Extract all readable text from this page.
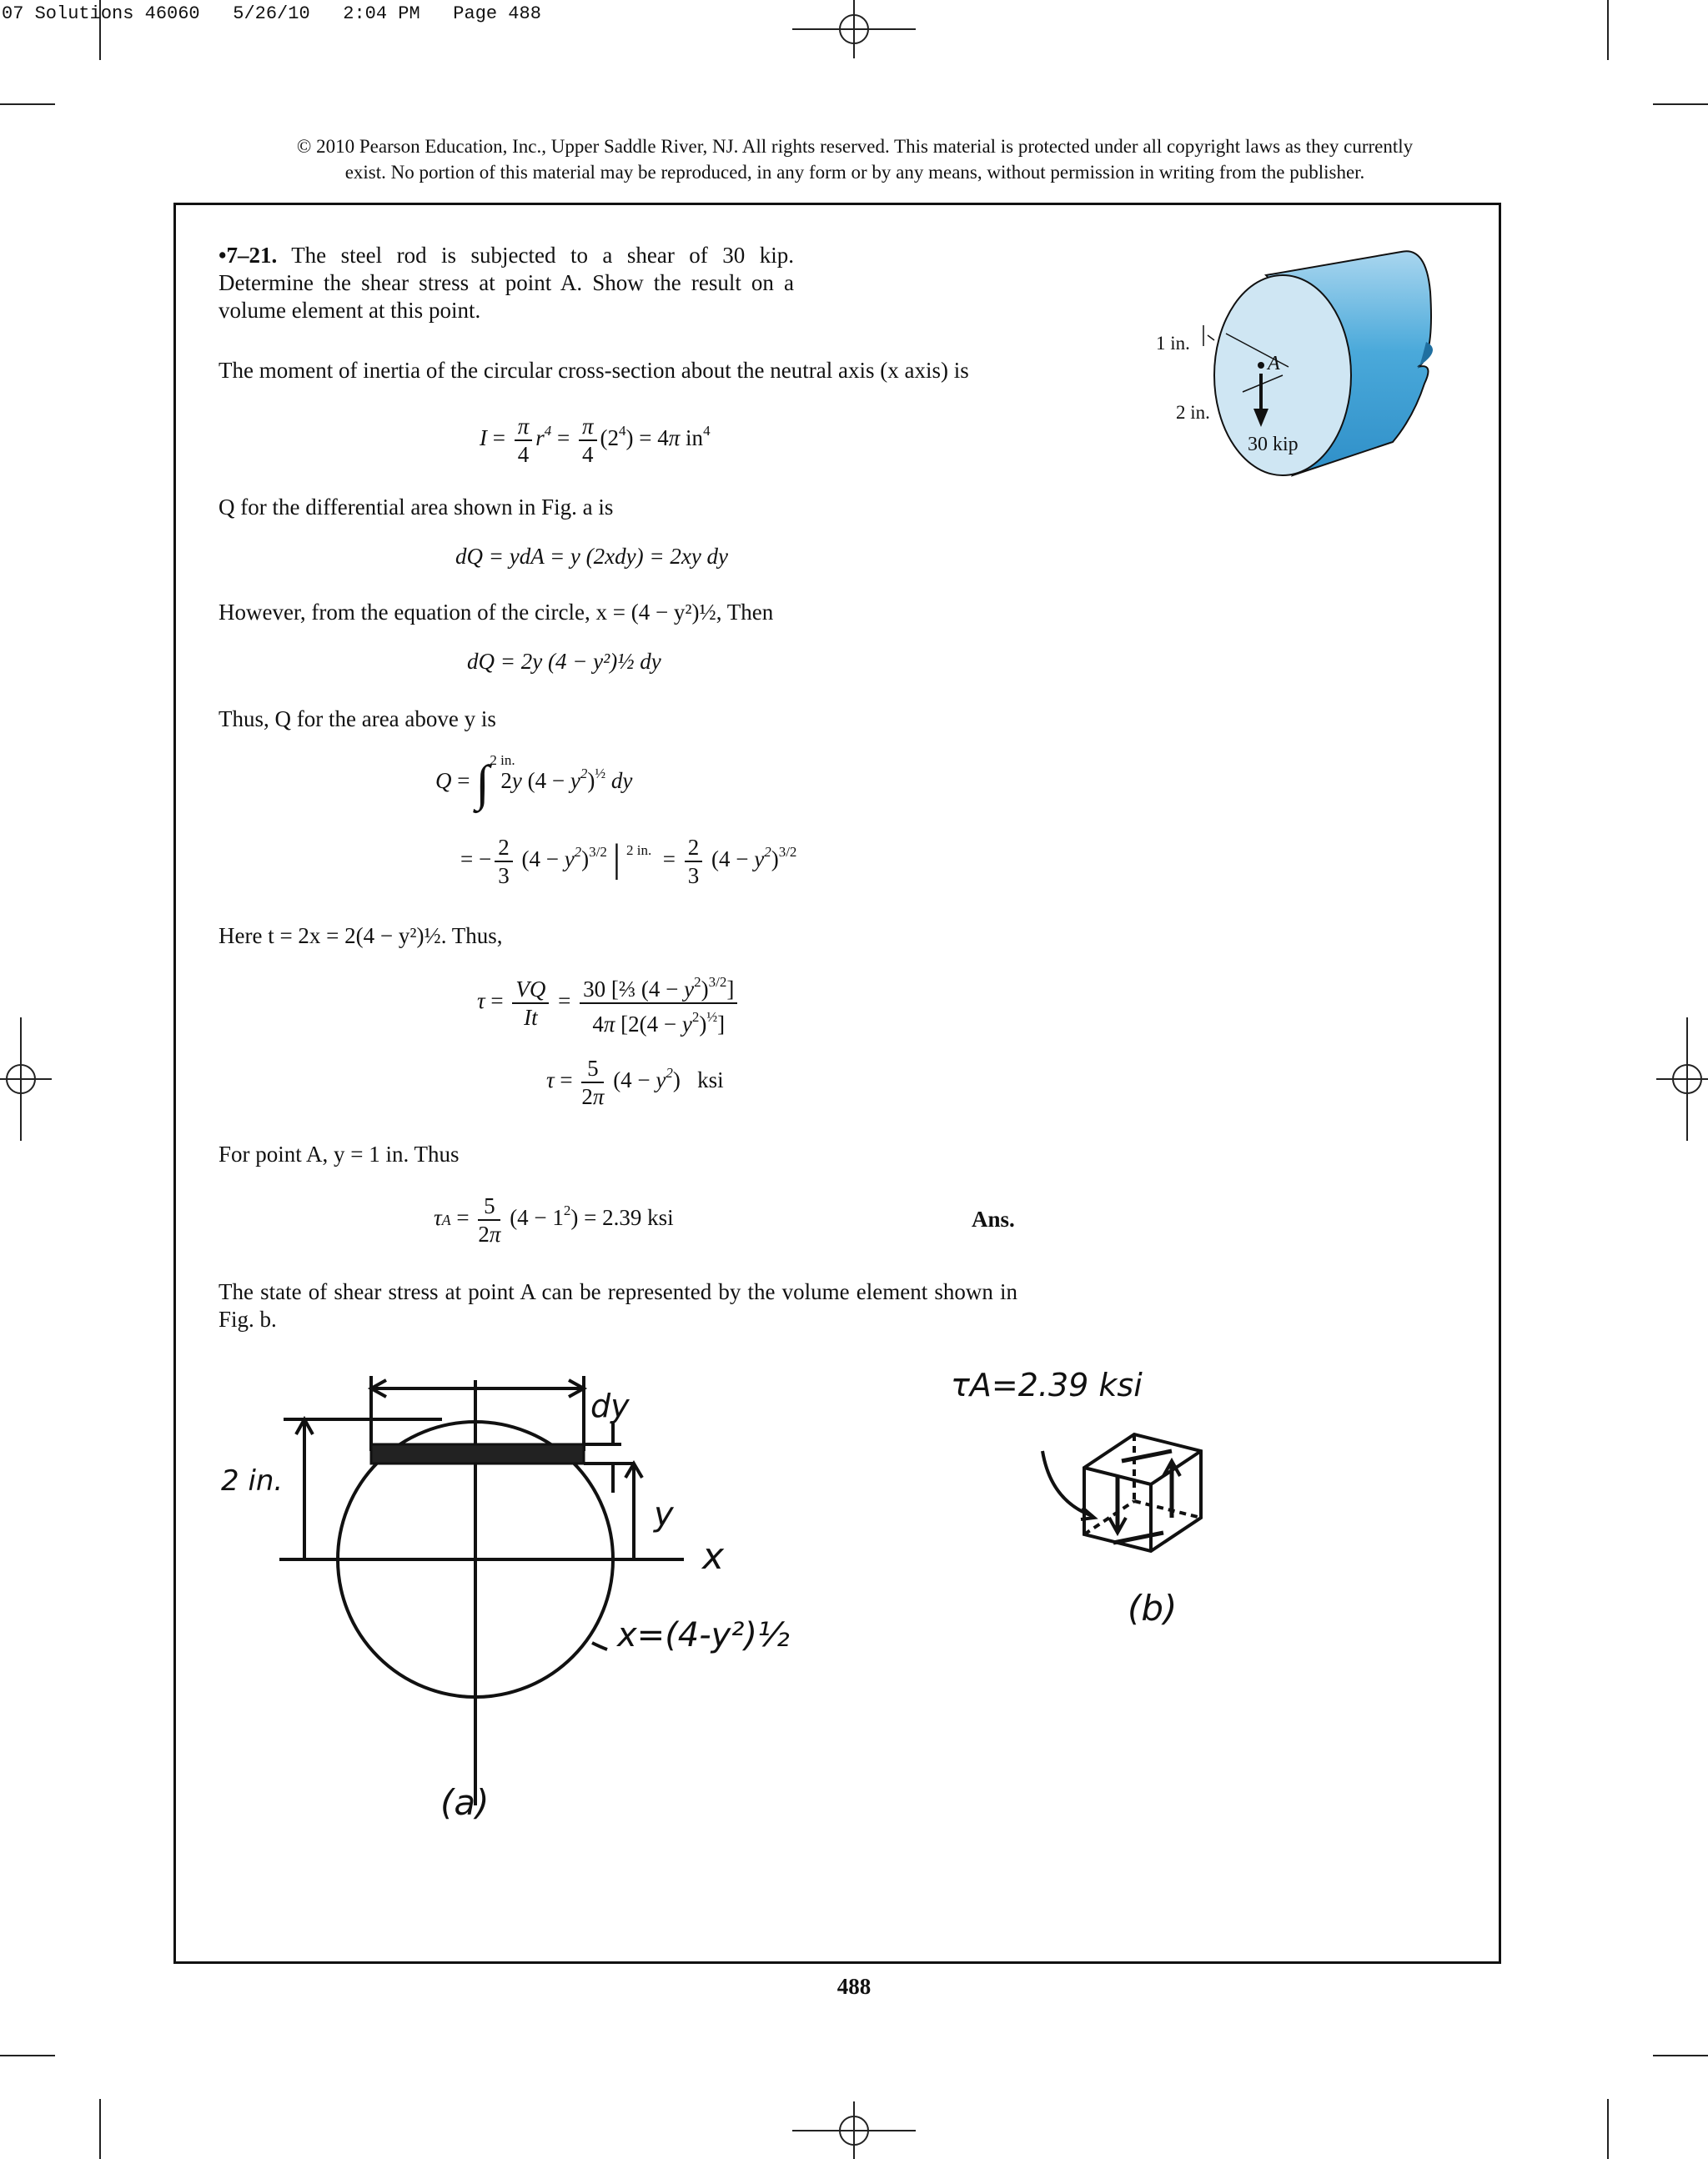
07 Solutions 46060   5/26/10   2:04 PM   Page 488
© 2010 Pearson Education, Inc., Upper Saddle River, NJ. All rights reserved. This material is protected under all copyright laws as they currently
exist. No portion of this material may be reproduced, in any form or by any means, without permission in writing from the publisher.
•7–21. The steel rod is subjected to a shear of 30 kip. Determine the shear stress at point A. Show the result on a volume element at this point.
1 in.
2 in.
A
30 kip
The moment of inertia of the circular cross-section about the neutral axis (x axis) is
$I = \frac{\pi}{4} r^4 = \frac{\pi}{4} (2^4) = 4\pi$ $in^4$
Q for the differential area shown in Fig. a is
dQ = ydA = y (2xdy) = 2xy dy
However, from the equation of the circle, x = (4 − y²)½, Then
dQ = 2y (4 − y²)½ dy
Thus, Q for the area above y is
Q = ∫ $^{2 in.}$ 2y $(4 - y^2)^{\frac{1}{2}}$ dy
= − $\frac{2}{3} (4 - y^2)^{3/2}$ | $^{2 in.} = \frac{2}{3} (4 - y^2)^{3/2}$
Here t = 2x = 2(4 − y²)½. Thus,
$\tau = \frac{VQ}{It} = \frac{30 [\frac{2}{3} (4 - y^2)^{3/2}]}{4\pi [2(4 - y^2)^{\frac{1}{2}}]}$
$\tau = \frac{5}{2\pi} (4 - y^2)$   ksi
For point A, y = 1 in. Thus
$\tau A = \frac{5}{2\pi} (4 - 1^2) = 2.39$ ksi	Ans.
The state of shear stress at point A can be represented by the volume element shown in Fig. b.
2 in.
dy
y
x
x=(4-y²)½
(a)
τA=2.39 ksi
(b)
488
